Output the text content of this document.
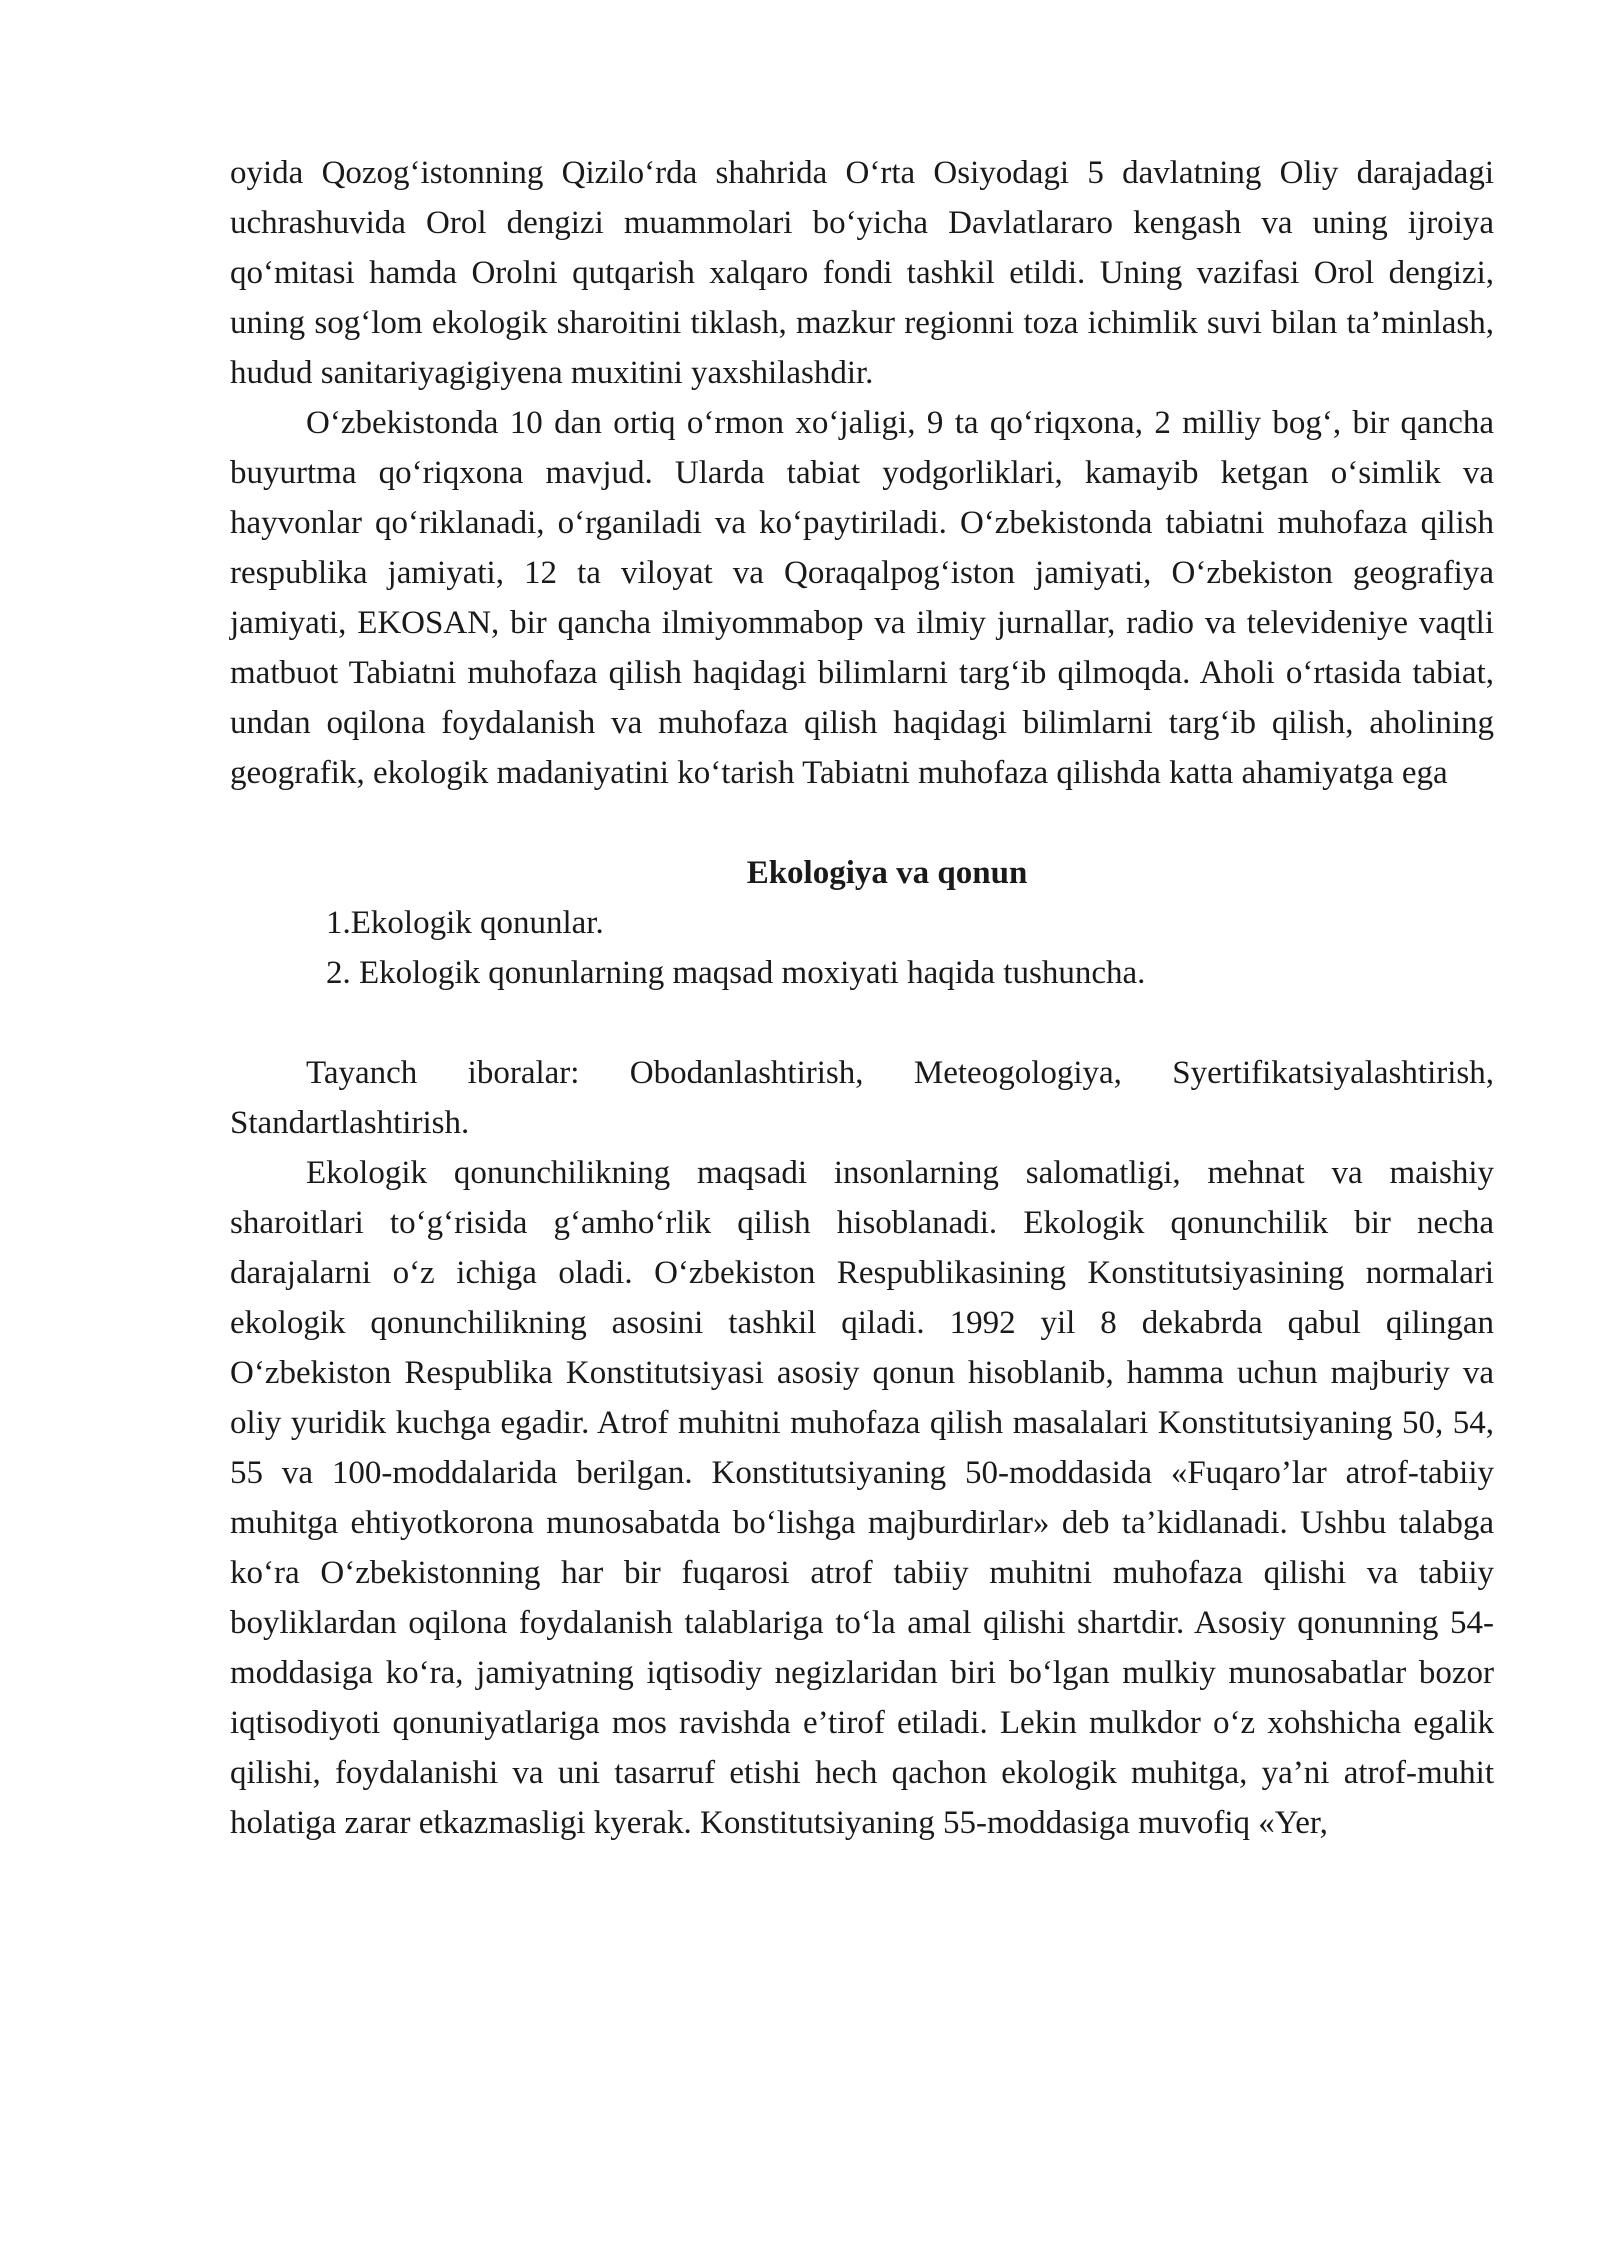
oyida Qozog‘istonning Qizilo‘rda shahrida O‘rta Osiyodagi 5 davlatning Oliy darajadagi uchrashuvida Orol dengizi muammolari bo‘yicha Davlatlararo kengash va uning ijroiya qo‘mitasi hamda Orolni qutqarish xalqaro fondi tashkil etildi. Uning vazifasi Orol dengizi, uning sog‘lom ekologik sharoitini tiklash, mazkur regionni toza ichimlik suvi bilan ta’minlash, hudud sanitariyagigiyena muxitini yaxshilashdir.

O‘zbekistonda 10 dan ortiq o‘rmon xo‘jaligi, 9 ta qo‘riqxona, 2 milliy bog‘, bir qancha buyurtma qo‘riqxona mavjud. Ularda tabiat yodgorliklari, kamayib ketgan o‘simlik va hayvonlar qo‘riklanadi, o‘rganiladi va ko‘paytiriladi. O‘zbekistonda tabiatni muhofaza qilish respublika jamiyati, 12 ta viloyat va Qoraqalpog‘iston jamiyati, O‘zbekiston geografiya jamiyati, EKOSAN, bir qancha ilmiyommabop va ilmiy jurnallar, radio va televideniye vaqtli matbuot Tabiatni muhofaza qilish haqidagi bilimlarni targ‘ib qilmoqda. Aholi o‘rtasida tabiat, undan oqilona foydalanish va muhofaza qilish haqidagi bilimlarni targ‘ib qilish, aholining geografik, ekologik madaniyatini ko‘tarish Tabiatni muhofaza qilishda katta ahamiyatga ega

Ekologiya va qonun
1.Ekologik qonunlar.
2. Ekologik qonunlarning maqsad moxiyati haqida tushuncha.

Tayanch iboralar: Obodanlashtirish, Meteogologiya, Syertifikatsiyalashtirish, Standartlashtirish.

Ekologik qonunchilikning maqsadi insonlarning salomatligi, mehnat va maishiy sharoitlari to‘g‘risida g‘amho‘rlik qilish hisoblanadi. Ekologik qonunchilik bir necha darajalarni o‘z ichiga oladi. O‘zbekiston Respublikasining Konstitutsiyasining normalari ekologik qonunchilikning asosini tashkil qiladi. 1992 yil 8 dekabrda qabul qilingan O‘zbekiston Respublika Konstitutsiyasi asosiy qonun hisoblanib, hamma uchun majburiy va oliy yuridik kuchga egadir. Atrof muhitni muhofaza qilish masalalari Konstitutsiyaning 50, 54, 55 va 100-moddalarida berilgan. Konstitutsiyaning 50-moddasida «Fuqaro’lar atrof-tabiiy muhitga ehtiyotkorona munosabatda bo‘lishga majburdirlar» deb ta’kidlanadi. Ushbu talabga ko‘ra O‘zbekistonning har bir fuqarosi atrof tabiiy muhitni muhofaza qilishi va tabiiy boyliklardan oqilona foydalanish talablariga to‘la amal qilishi shartdir. Asosiy qonunning 54-moddasiga ko‘ra, jamiyatning iqtisodiy negizlaridan biri bo‘lgan mulkiy munosabatlar bozor iqtisodiyoti qonuniyatlariga mos ravishda e’tirof etiladi. Lekin mulkdor o‘z xohshicha egalik qilishi, foydalanishi va uni tasarruf etishi hech qachon ekologik muhitga, ya’ni atrof-muhit holatiga zarar etkazmasligi kyerak. Konstitutsiyaning 55-moddasiga muvofiq «Yer,
